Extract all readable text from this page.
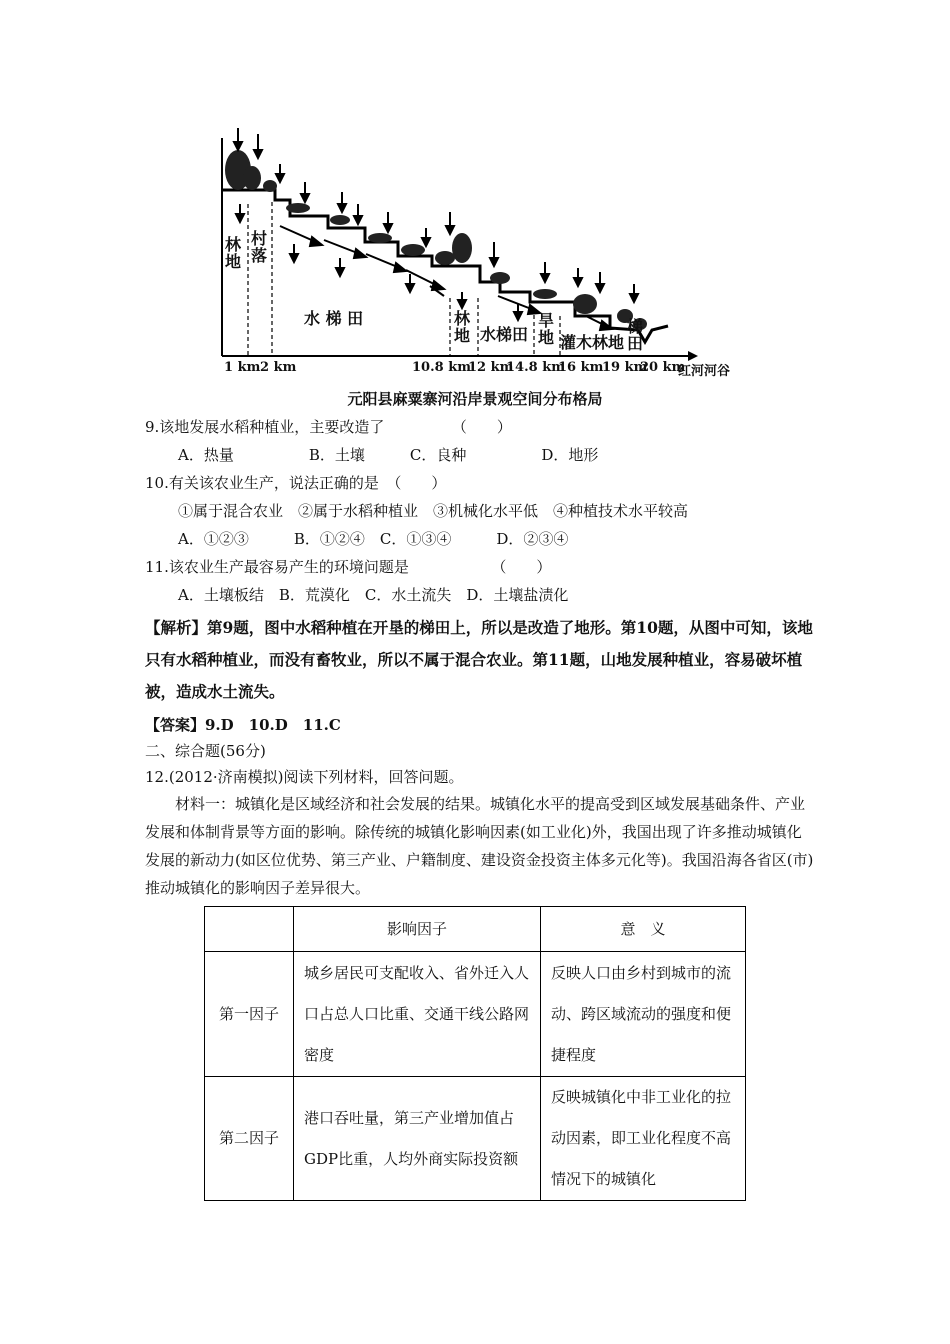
林地
村落
水 梯 田	林地 水梯田
旱地 灌木林地
梯田
1 km 2 km	10.8 km
12 km
14.8 km
16 km
19 km
20 km
红河河谷
元阳县麻粟寨河沿岸景观空间分布格局
9.该地发展水稻种植业，主要改造了　　　　　（　　）
A．热量　　　　　B．土壤　　　C．良种　　　　　D．地形
10.有关该农业生产，说法正确的是　（　　）
①属于混合农业　②属于水稻种植业　③机械化水平低　④种植技术水平较高
A．①②③　　　B．①②④　C．①③④　　　D．②③④
11.该农业生产最容易产生的环境问题是　　　　　　（　　）
A．土壤板结　B．荒漠化　C．水土流失　D．土壤盐渍化
【解析】第9题，图中水稻种植在开垦的梯田上，所以是改造了地形。第10题，从图中可知，该地只有水稻种植业，而没有畜牧业，所以不属于混合农业。第11题，山地发展种植业，容易破坏植被，造成水土流失。
【答案】9.D　10.D　11.C
二、综合题(56分)
12.(2012·济南模拟)阅读下列材料，回答问题。
材料一：城镇化是区域经济和社会发展的结果。城镇化水平的提高受到区域发展基础条件、产业发展和体制背景等方面的影响。除传统的城镇化影响因素(如工业化)外，我国出现了许多推动城镇化发展的新动力(如区位优势、第三产业、户籍制度、建设资金投资主体多元化等)。我国沿海各省区(市)推动城镇化的影响因子差异很大。
	影响因子	意　义
第一因子	城乡居民可支配收入、省外迁入人口占总人口比重、交通干线公路网密度	反映人口由乡村到城市的流动、跨区域流动的强度和便捷程度
第二因子	港口吞吐量，第三产业增加值占GDP比重，人均外商实际投资额	反映城镇化中非工业化的拉动因素，即工业化程度不高情况下的城镇化
